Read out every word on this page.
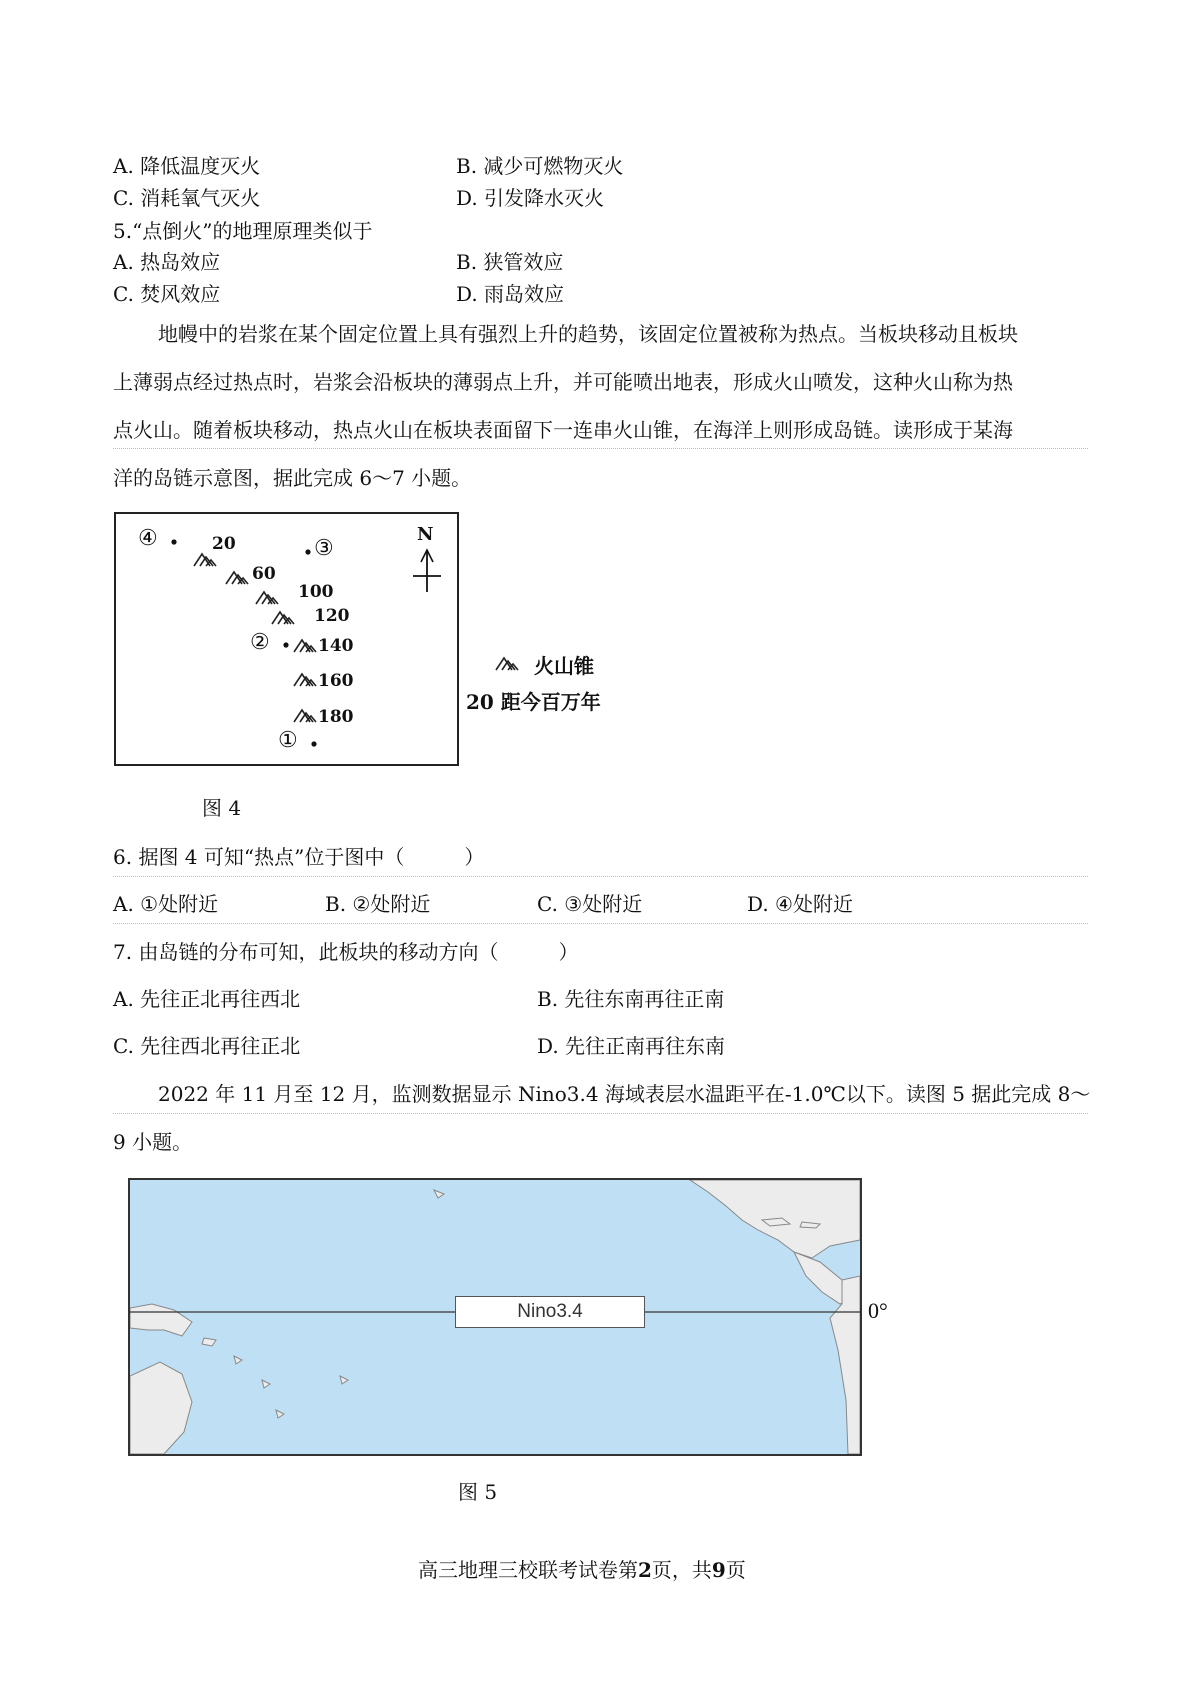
A. 降低温度灭火	B. 减少可燃物灭火
C. 消耗氧气灭火	D. 引发降水灭火
5.“点倒火”的地理原理类似于
A. 热岛效应	B. 狭管效应
C. 焚风效应	D. 雨岛效应
地幔中的岩浆在某个固定位置上具有强烈上升的趋势，该固定位置被称为热点。当板块移动且板块
上薄弱点经过热点时，岩浆会沿板块的薄弱点上升，并可能喷出地表，形成火山喷发，这种火山称为热
点火山。随着板块移动，热点火山在板块表面留下一连串火山锥，在海洋上则形成岛链。读形成于某海
洋的岛链示意图，据此完成 6～7 小题。
N
④	③
②
①
20
60
100
120
140
160
180
火山锥
20 距今百万年
图 4
6. 据图 4 可知“热点”位于图中（　　　）
A. ①处附近	B. ②处附近	C. ③处附近	D. ④处附近
7. 由岛链的分布可知，此板块的移动方向（　　　）
A. 先往正北再往西北	B. 先往东南再往正南
C. 先往西北再往正北	D. 先往正南再往东南
2022 年 11 月至 12 月，监测数据显示 Nino3.4 海域表层水温距平在-1.0℃以下。读图 5 据此完成 8～
9 小题。
Nino3.4	0°
图 5
高三地理三校联考试卷第2页，共9页
